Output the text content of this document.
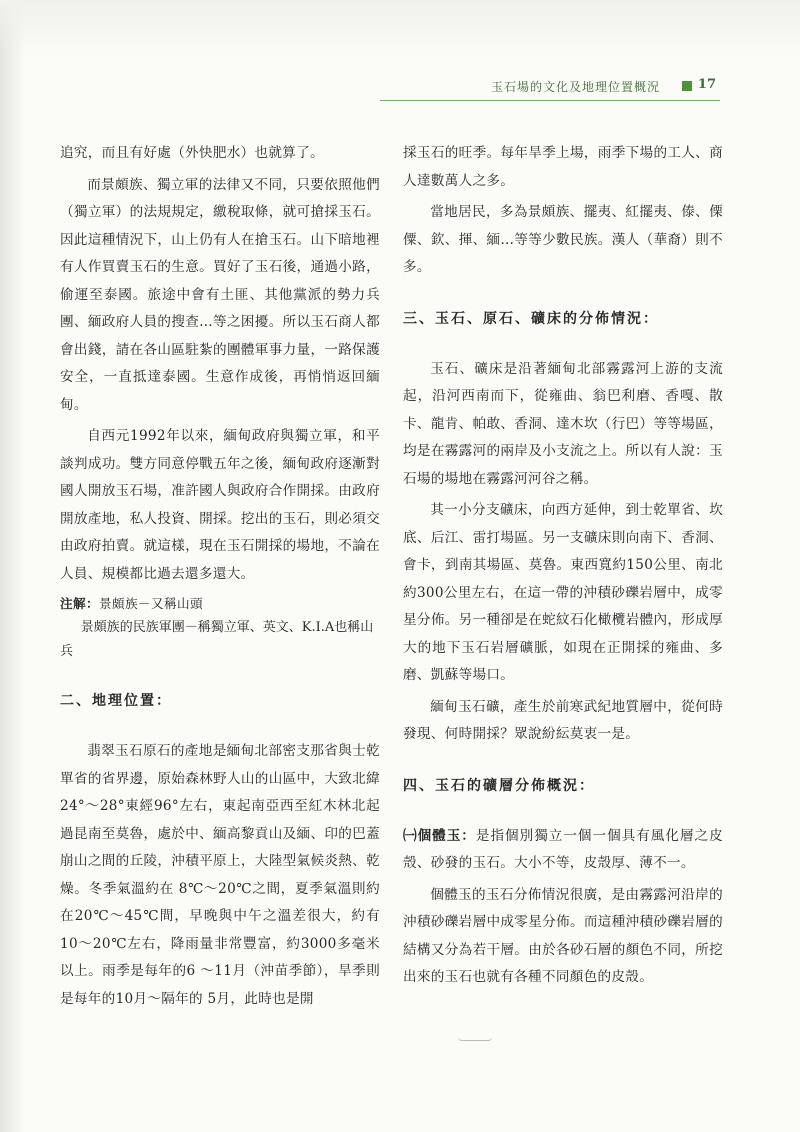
玉石場的文化及地理位置概況	17

追究，而且有好處（外快肥水）也就算了。

而景頗族、獨立軍的法律又不同，只要依照他們（獨立軍）的法規規定，繳稅取條，就可搶採玉石。因此這種情況下，山上仍有人在搶玉石。山下暗地裡有人作買賣玉石的生意。買好了玉石後，通過小路，偷運至泰國。旅途中會有土匪、其他黨派的勢力兵團、緬政府人員的搜查…等之困擾。所以玉石商人都會出錢，請在各山區駐紮的團體軍事力量，一路保護安全，一直抵達泰國。生意作成後，再悄悄返回緬甸。

自西元1992年以來，緬甸政府與獨立軍，和平談判成功。雙方同意停戰五年之後，緬甸政府逐漸對國人開放玉石場，准許國人與政府合作開採。由政府開放產地，私人投資、開採。挖出的玉石，則必須交由政府拍賣。就這樣，現在玉石開採的場地，不論在人員、規模都比過去還多還大。

注解：景頗族－又稱山頭

景頗族的民族軍團－稱獨立軍、英文、K.I.A也稱山兵

二、地理位置：

翡翠玉石原石的產地是緬甸北部密支那省與士乾單省的省界邊，原始森林野人山的山區中，大致北緯24°～28°東經96°左右，東起南亞西至紅木林北起過昆南至莫魯，處於中、緬高黎貢山及緬、印的巴蓋崩山之間的丘陵，沖積平原上，大陸型氣候炎熱、乾燥。冬季氣溫約在 8℃～20℃之間，夏季氣溫則約在20℃～45℃間，早晚與中午之溫差很大，約有10～20℃左右，降雨量非常豐富，約3000多毫米以上。雨季是每年的6 ～11月（沖苗季節），旱季則是每年的10月～隔年的 5月，此時也是開

採玉石的旺季。每年旱季上場，雨季下場的工人、商人達數萬人之多。

當地居民，多為景頗族、擺夷、紅擺夷、傣、傈僳、欽、揮、緬…等等少數民族。漢人（華裔）則不多。

三、玉石、原石、礦床的分佈情況：

玉石、礦床是沿著緬甸北部霧露河上游的支流起，沿河西南而下，從雍曲、翁巴利磨、香嘎、散卡、龍肯、帕敢、香洞、達木坎（行巴）等等場區，均是在霧露河的兩岸及小支流之上。所以有人說：玉石場的場地在霧露河河谷之稱。

其一小分支礦床，向西方延伸，到士乾單省、坎底、后江、雷打場區。另一支礦床則向南下、香洞、會卡，到南其場區、莫魯。東西寬約150公里、南北約300公里左右，在這一帶的沖積砂礫岩層中，成零星分佈。另一種卻是在蛇紋石化橄欖岩體內，形成厚大的地下玉石岩層礦脈，如現在正開採的雍曲、多磨、凱蘇等場口。

緬甸玉石礦，產生於前寒武紀地質層中，從何時發現、何時開採？眾說紛紜莫衷一是。

四、玉石的礦層分佈概況：

㈠個體玉：是指個別獨立一個一個具有風化層之皮殼、砂發的玉石。大小不等，皮殼厚、薄不一。

個體玉的玉石分佈情況很廣，是由霧露河沿岸的沖積砂礫岩層中成零星分佈。而這種沖積砂礫岩層的結構又分為若干層。由於各砂石層的顏色不同，所挖出來的玉石也就有各種不同顏色的皮殼。
